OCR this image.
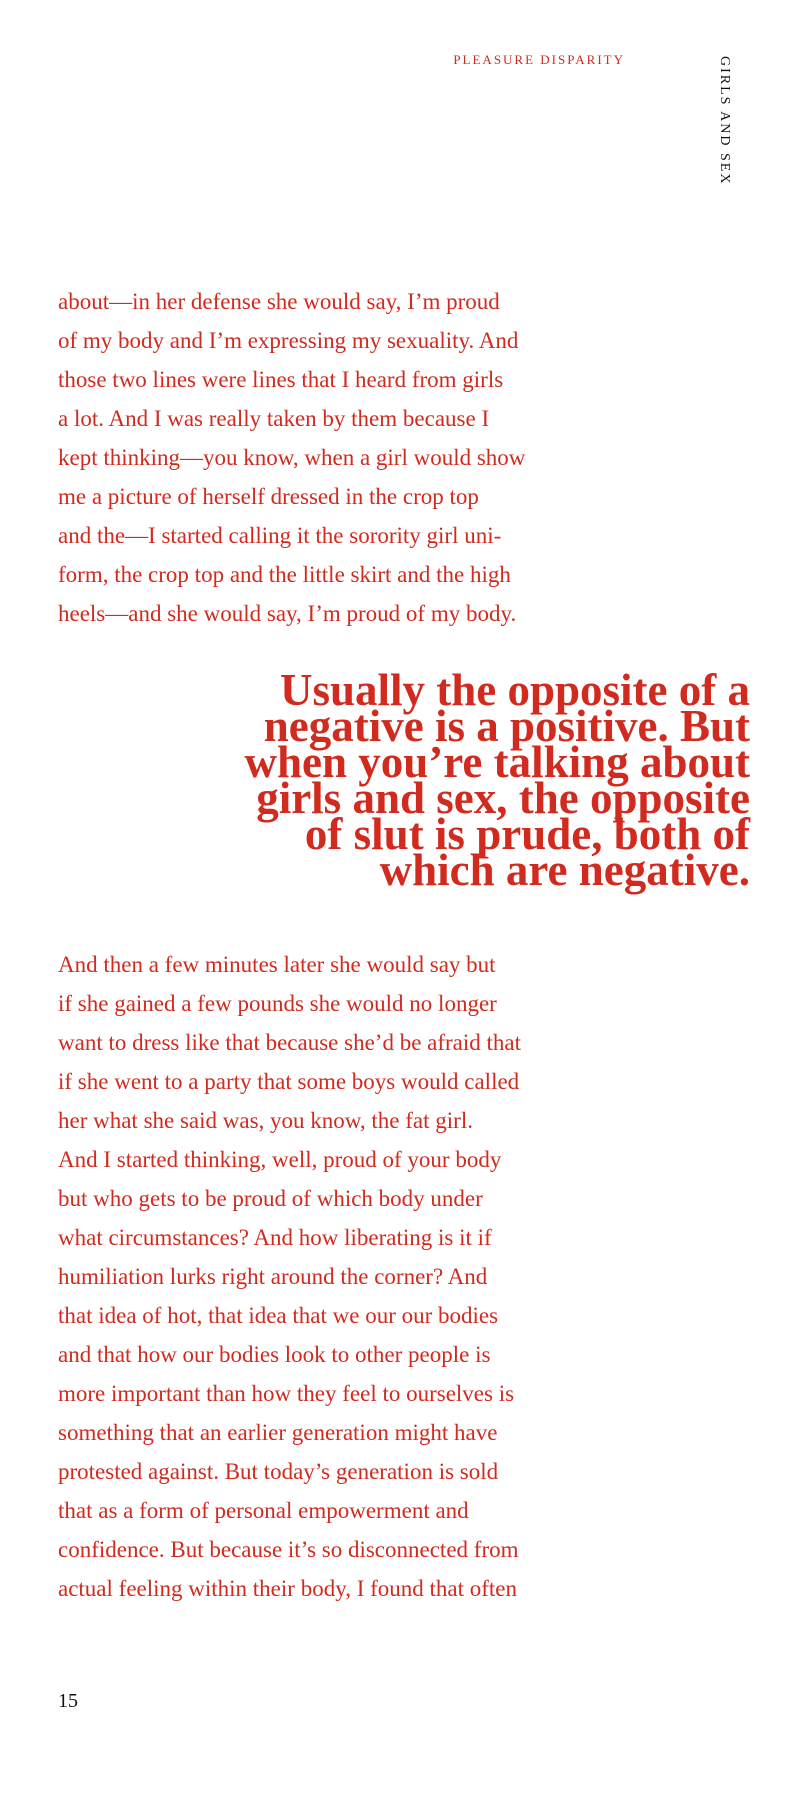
PLEASURE DISPARITY	GIRLS AND SEX

about—in her defense she would say, I’m proud
of my body and I’m expressing my sexuality. And
those two lines were lines that I heard from girls
a lot. And I was really taken by them because I
kept thinking—you know, when a girl would show
me a picture of herself dressed in the crop top
and the—I started calling it the sorority girl uni-
form, the crop top and the little skirt and the high
heels—and she would say, I’m proud of my body.

Usually the opposite of a
negative is a positive. But
when you’re talking about
girls and sex, the opposite
of slut is prude, both of
which are negative.

And then a few minutes later she would say but
if she gained a few pounds she would no longer
want to dress like that because she’d be afraid that
if she went to a party that some boys would called
her what she said was, you know, the fat girl.
And I started thinking, well, proud of your body
but who gets to be proud of which body under
what circumstances? And how liberating is it if
humiliation lurks right around the corner? And
that idea of hot, that idea that we our our bodies
and that how our bodies look to other people is
more important than how they feel to ourselves is
something that an earlier generation might have
protested against. But today’s generation is sold
that as a form of personal empowerment and
confidence. But because it’s so disconnected from
actual feeling within their body, I found that often

15
